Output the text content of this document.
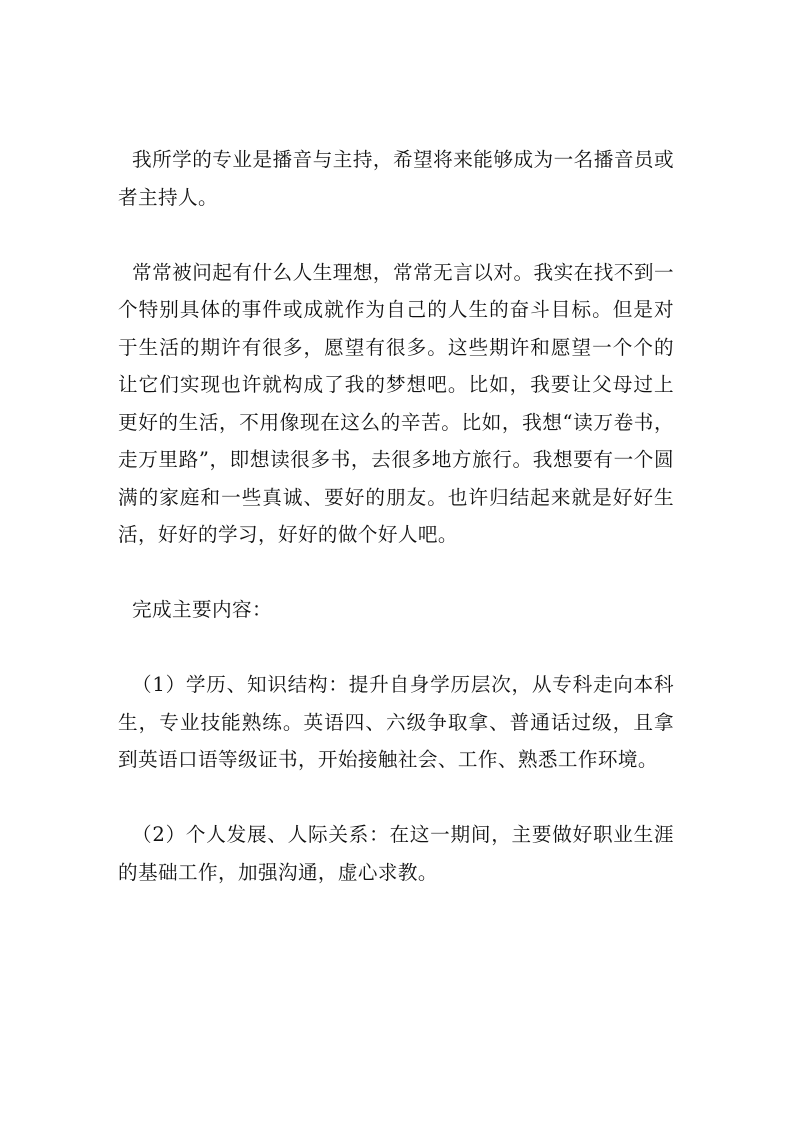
我所学的专业是播音与主持，希望将来能够成为一名播音员或者主持人。

常常被问起有什么人生理想，常常无言以对。我实在找不到一个特别具体的事件或成就作为自己的人生的奋斗目标。但是对于生活的期许有很多，愿望有很多。这些期许和愿望一个个的让它们实现也许就构成了我的梦想吧。比如，我要让父母过上更好的生活，不用像现在这么的辛苦。比如，我想“读万卷书，走万里路”，即想读很多书，去很多地方旅行。我想要有一个圆满的家庭和一些真诚、要好的朋友。也许归结起来就是好好生活，好好的学习，好好的做个好人吧。

完成主要内容：

（1）学历、知识结构：提升自身学历层次，从专科走向本科生，专业技能熟练。英语四、六级争取拿、普通话过级，且拿到英语口语等级证书，开始接触社会、工作、熟悉工作环境。

（2）个人发展、人际关系：在这一期间，主要做好职业生涯的基础工作，加强沟通，虚心求教。
